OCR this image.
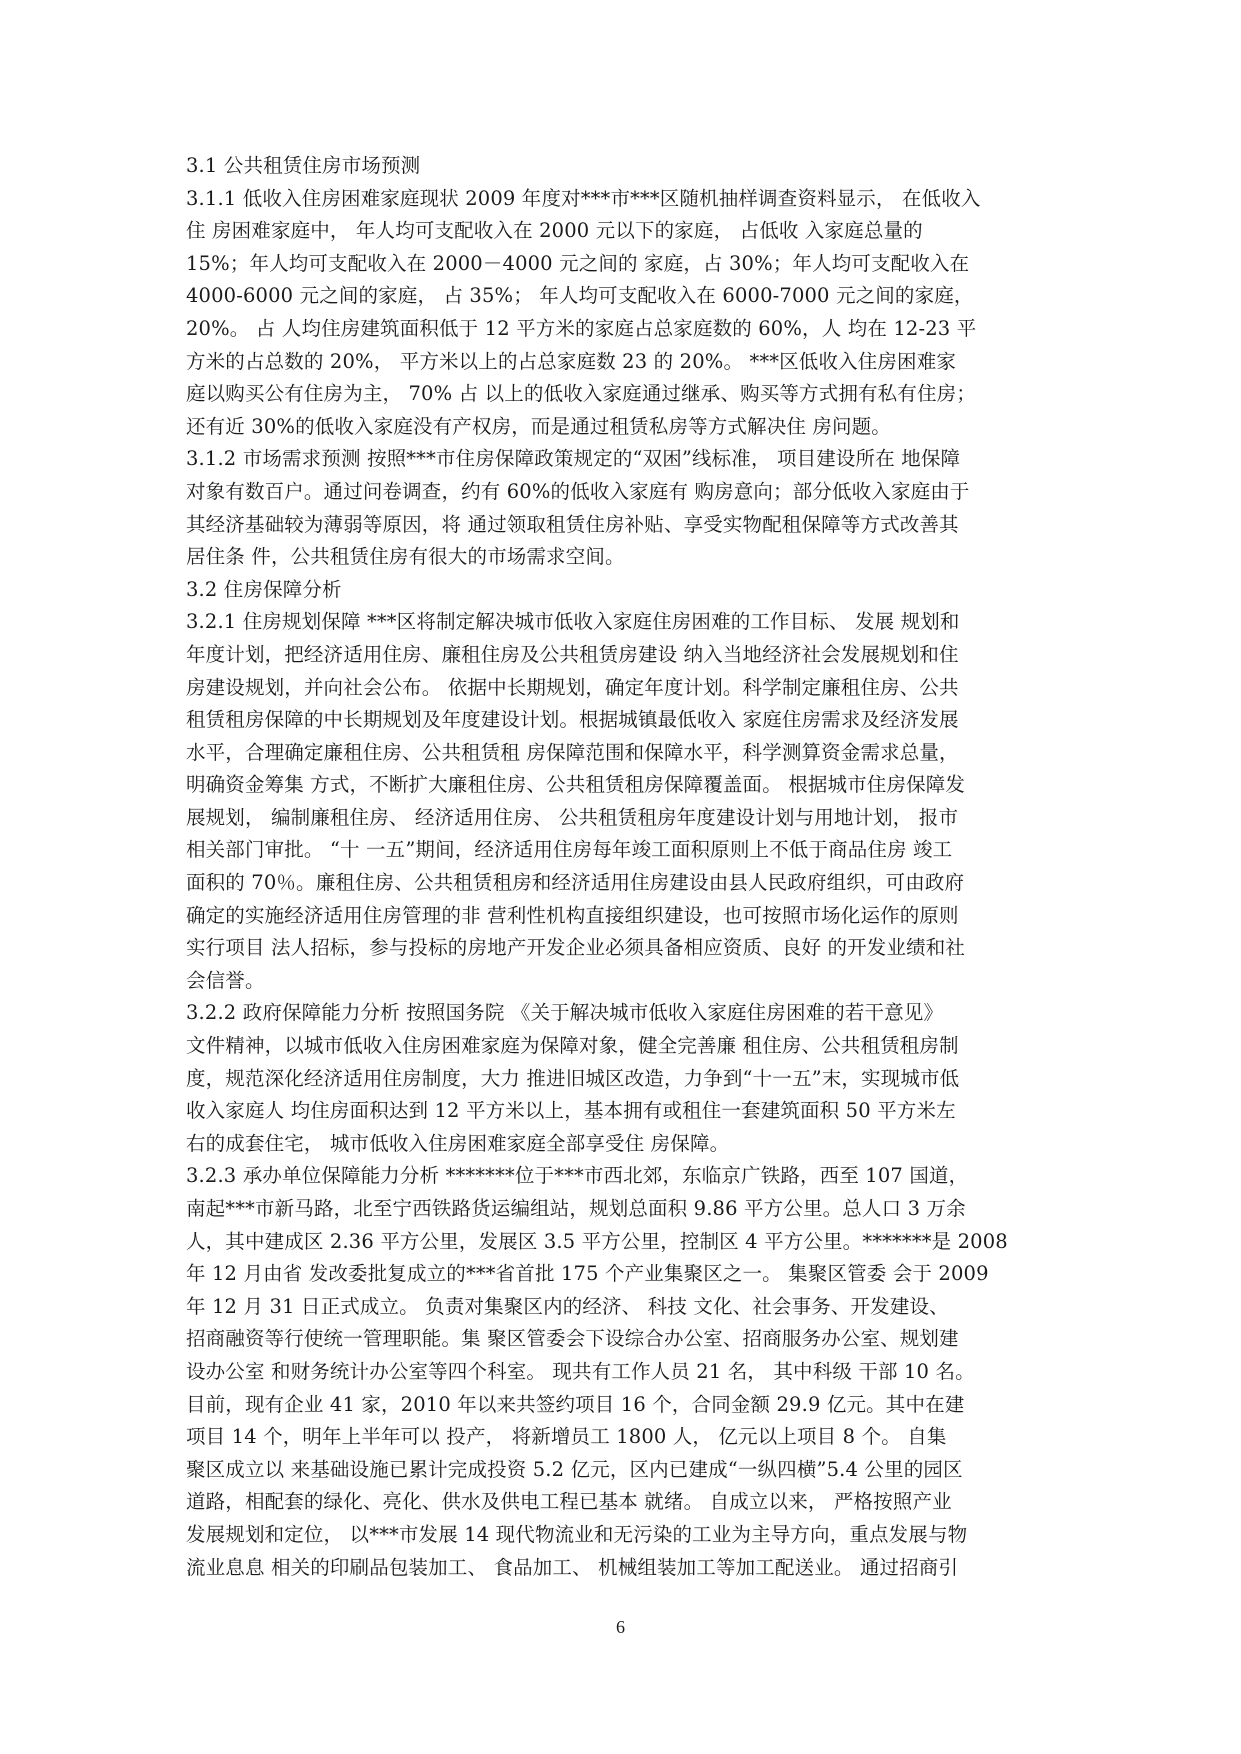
3.1 公共租赁住房市场预测
3.1.1 低收入住房困难家庭现状 2009 年度对***市***区随机抽样调查资料显示， 在低收入
住 房困难家庭中， 年人均可支配收入在 2000 元以下的家庭， 占低收 入家庭总量的
15%；年人均可支配收入在 2000－4000 元之间的 家庭，占 30%；年人均可支配收入在
4000-6000 元之间的家庭， 占 35%； 年人均可支配收入在 6000-7000 元之间的家庭，
20%。 占 人均住房建筑面积低于 12 平方米的家庭占总家庭数的 60%，人 均在 12-23 平
方米的占总数的 20%， 平方米以上的占总家庭数 23 的 20%。 ***区低收入住房困难家
庭以购买公有住房为主， 70% 占 以上的低收入家庭通过继承、购买等方式拥有私有住房；
还有近 30%的低收入家庭没有产权房，而是通过租赁私房等方式解决住 房问题。
3.1.2 市场需求预测 按照***市住房保障政策规定的“双困”线标准， 项目建设所在 地保障
对象有数百户。通过问卷调查，约有 60%的低收入家庭有 购房意向；部分低收入家庭由于
其经济基础较为薄弱等原因，将 通过领取租赁住房补贴、享受实物配租保障等方式改善其
居住条 件，公共租赁住房有很大的市场需求空间。
3.2 住房保障分析
3.2.1 住房规划保障 ***区将制定解决城市低收入家庭住房困难的工作目标、 发展 规划和
年度计划，把经济适用住房、廉租住房及公共租赁房建设 纳入当地经济社会发展规划和住
房建设规划，并向社会公布。 依据中长期规划，确定年度计划。科学制定廉租住房、公共
租赁租房保障的中长期规划及年度建设计划。根据城镇最低收入 家庭住房需求及经济发展
水平，合理确定廉租住房、公共租赁租 房保障范围和保障水平，科学测算资金需求总量，
明确资金筹集 方式，不断扩大廉租住房、公共租赁租房保障覆盖面。 根据城市住房保障发
展规划， 编制廉租住房、 经济适用住房、 公共租赁租房年度建设计划与用地计划， 报市
相关部门审批。 “十 一五”期间，经济适用住房每年竣工面积原则上不低于商品住房 竣工
面积的 70％。廉租住房、公共租赁租房和经济适用住房建设由县人民政府组织，可由政府
确定的实施经济适用住房管理的非 营利性机构直接组织建设，也可按照市场化运作的原则
实行项目 法人招标，参与投标的房地产开发企业必须具备相应资质、良好 的开发业绩和社
会信誉。
3.2.2 政府保障能力分析 按照国务院 《关于解决城市低收入家庭住房困难的若干意见》
文件精神，以城市低收入住房困难家庭为保障对象，健全完善廉 租住房、公共租赁租房制
度，规范深化经济适用住房制度，大力 推进旧城区改造，力争到“十一五”末，实现城市低
收入家庭人 均住房面积达到 12 平方米以上，基本拥有或租住一套建筑面积 50 平方米左
右的成套住宅， 城市低收入住房困难家庭全部享受住 房保障。
3.2.3 承办单位保障能力分析 *******位于***市西北郊，东临京广铁路，西至 107 国道，
南起***市新马路，北至宁西铁路货运编组站，规划总面积 9.86 平方公里。总人口 3 万余
人，其中建成区 2.36 平方公里，发展区 3.5 平方公里，控制区 4 平方公里。*******是 2008
年 12 月由省 发改委批复成立的***省首批 175 个产业集聚区之一。 集聚区管委 会于 2009
年 12 月 31 日正式成立。 负责对集聚区内的经济、 科技 文化、社会事务、开发建设、
招商融资等行使统一管理职能。集 聚区管委会下设综合办公室、招商服务办公室、规划建
设办公室 和财务统计办公室等四个科室。 现共有工作人员 21 名， 其中科级 干部 10 名。
目前，现有企业 41 家，2010 年以来共签约项目 16 个，合同金额 29.9 亿元。其中在建
项目 14 个，明年上半年可以 投产， 将新增员工 1800 人， 亿元以上项目 8 个。 自集
聚区成立以 来基础设施已累计完成投资 5.2 亿元，区内已建成“一纵四横”5.4 公里的园区
道路，相配套的绿化、亮化、供水及供电工程已基本 就绪。 自成立以来， 严格按照产业
发展规划和定位， 以***市发展 14 现代物流业和无污染的工业为主导方向，重点发展与物
流业息息 相关的印刷品包装加工、 食品加工、 机械组装加工等加工配送业。 通过招商引
6
